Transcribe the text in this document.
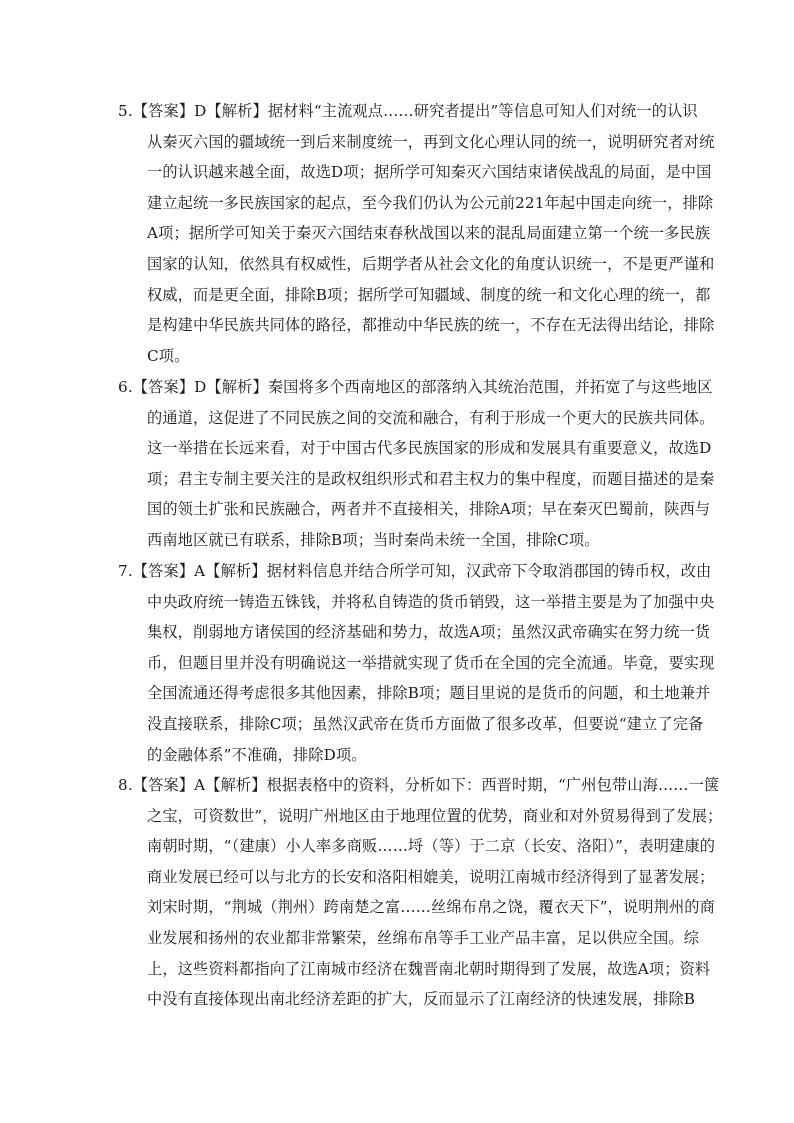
5.【答案】D【解析】据材料“主流观点……研究者提出”等信息可知人们对统一的认识
从秦灭六国的疆域统一到后来制度统一，再到文化心理认同的统一，说明研究者对统
一的认识越来越全面，故选D项；据所学可知秦灭六国结束诸侯战乱的局面，是中国
建立起统一多民族国家的起点，至今我们仍认为公元前221年起中国走向统一，排除
A项；据所学可知关于秦灭六国结束春秋战国以来的混乱局面建立第一个统一多民族
国家的认知，依然具有权威性，后期学者从社会文化的角度认识统一，不是更严谨和
权威，而是更全面，排除B项；据所学可知疆域、制度的统一和文化心理的统一，都
是构建中华民族共同体的路径，都推动中华民族的统一，不存在无法得出结论，排除
C项。
6.【答案】D【解析】秦国将多个西南地区的部落纳入其统治范围，并拓宽了与这些地区
的通道，这促进了不同民族之间的交流和融合，有利于形成一个更大的民族共同体。
这一举措在长远来看，对于中国古代多民族国家的形成和发展具有重要意义，故选D
项；君主专制主要关注的是政权组织形式和君主权力的集中程度，而题目描述的是秦
国的领土扩张和民族融合，两者并不直接相关，排除A项；早在秦灭巴蜀前，陕西与
西南地区就已有联系，排除B项；当时秦尚未统一全国，排除C项。
7.【答案】A【解析】据材料信息并结合所学可知，汉武帝下令取消郡国的铸币权，改由
中央政府统一铸造五铢钱，并将私自铸造的货币销毁，这一举措主要是为了加强中央
集权，削弱地方诸侯国的经济基础和势力，故选A项；虽然汉武帝确实在努力统一货
币，但题目里并没有明确说这一举措就实现了货币在全国的完全流通。毕竟，要实现
全国流通还得考虑很多其他因素，排除B项；题目里说的是货币的问题，和土地兼并
没直接联系，排除C项；虽然汉武帝在货币方面做了很多改革，但要说“建立了完备
的金融体系”不准确，排除D项。
8.【答案】A【解析】根据表格中的资料，分析如下：西晋时期，“广州包带山海……一箧
之宝，可资数世”，说明广州地区由于地理位置的优势，商业和对外贸易得到了发展；
南朝时期，“（建康）小人率多商贩……埒（等）于二京（长安、洛阳）”，表明建康的
商业发展已经可以与北方的长安和洛阳相媲美，说明江南城市经济得到了显著发展；
刘宋时期，“荆城（荆州）跨南楚之富……丝绵布帛之饶，覆衣天下”，说明荆州的商
业发展和扬州的农业都非常繁荣，丝绵布帛等手工业产品丰富，足以供应全国。综
上，这些资料都指向了江南城市经济在魏晋南北朝时期得到了发展，故选A项；资料
中没有直接体现出南北经济差距的扩大，反而显示了江南经济的快速发展，排除B
